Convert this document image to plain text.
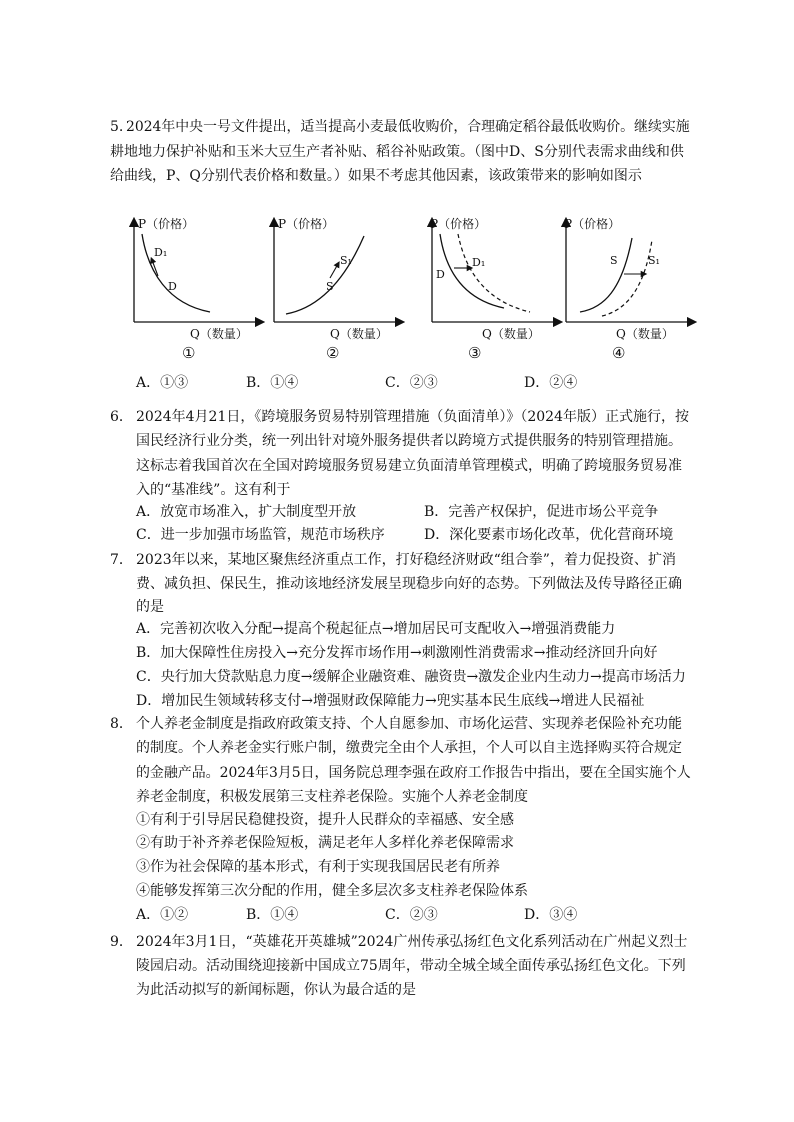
5. 2024年中央一号文件提出，适当提高小麦最低收购价，合理确定稻谷最低收购价。继续实施
耕地地力保护补贴和玉米大豆生产者补贴、稻谷补贴政策。（图中D、S分别代表需求曲线和供
给曲线，P、Q分别代表价格和数量。）如果不考虑其他因素，该政策带来的影响如图示
P（价格）
Q（数量）
D₁
D
①
P（价格）
Q（数量）
S₁
S
②
P（价格）
Q（数量）
D
D₁
③
P（价格）
Q（数量）
S	S₁
④
A．①③	B．①④	C．②③	D．②④
6． 2024年4月21日，《跨境服务贸易特别管理措施（负面清单）》（2024年版）正式施行，按
国民经济行业分类，统一列出针对境外服务提供者以跨境方式提供服务的特别管理措施。
这标志着我国首次在全国对跨境服务贸易建立负面清单管理模式，明确了跨境服务贸易准
入的“基准线”。这有利于
A．放宽市场准入，扩大制度型开放	B．完善产权保护，促进市场公平竞争
C．进一步加强市场监管，规范市场秩序	D．深化要素市场化改革，优化营商环境
7． 2023年以来，某地区聚焦经济重点工作，打好稳经济财政“组合拳”，着力促投资、扩消
费、减负担、保民生，推动该地经济发展呈现稳步向好的态势。下列做法及传导路径正确
的是
A．完善初次收入分配→提高个税起征点→增加居民可支配收入→增强消费能力
B．加大保障性住房投入→充分发挥市场作用→刺激刚性消费需求→推动经济回升向好
C．央行加大贷款贴息力度→缓解企业融资难、融资贵→激发企业内生动力→提高市场活力
D．增加民生领域转移支付→增强财政保障能力→兜实基本民生底线→增进人民福祉
8． 个人养老金制度是指政府政策支持、个人自愿参加、市场化运营、实现养老保险补充功能
的制度。个人养老金实行账户制，缴费完全由个人承担，个人可以自主选择购买符合规定
的金融产品。2024年3月5日，国务院总理李强在政府工作报告中指出，要在全国实施个人
养老金制度，积极发展第三支柱养老保险。实施个人养老金制度
①有利于引导居民稳健投资，提升人民群众的幸福感、安全感
②有助于补齐养老保险短板，满足老年人多样化养老保障需求
③作为社会保障的基本形式，有利于实现我国居民老有所养
④能够发挥第三次分配的作用，健全多层次多支柱养老保险体系
A．①②	B．①④	C．②③	D．③④
9． 2024年3月1日，“英雄花开英雄城”2024广州传承弘扬红色文化系列活动在广州起义烈士
陵园启动。活动围绕迎接新中国成立75周年，带动全城全域全面传承弘扬红色文化。下列
为此活动拟写的新闻标题，你认为最合适的是
